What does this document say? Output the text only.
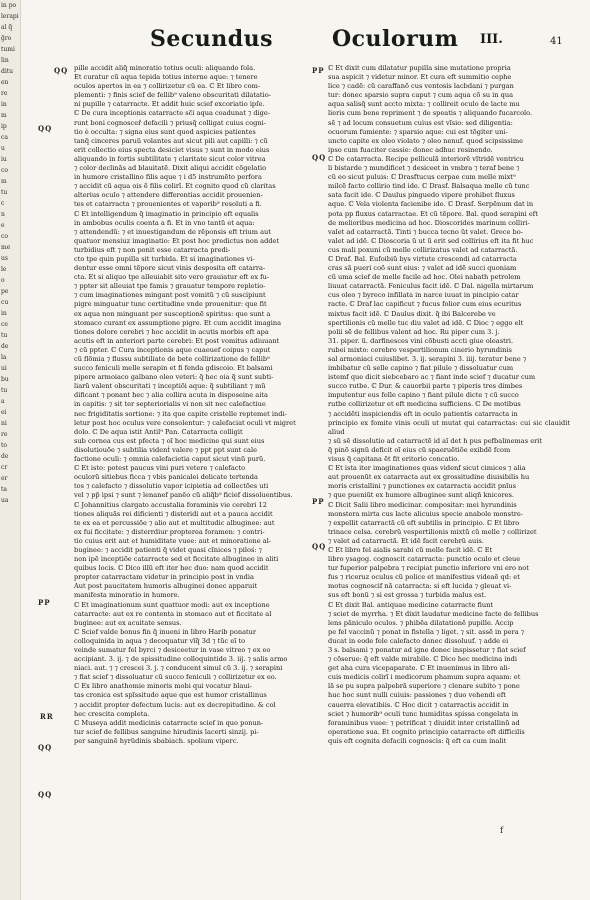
in po
lerapi
al q̃
g̃ro
tumi
lin
ditu
en
re
in
m
ip
ca
u
iu
co
m
tu
c
n
e
co
me
us
le
o
pe
cu
in
ce
tu
de
la
ui
bu
tu
a
ei
ni
re
to
de
cr
er
ta
ua
Secundus	Oculorum III.	41
QQ
QQ
PP
RR
QQ
QQ
PP
QQ
PP
QQ

pille accidit aliq̃ minoratio totius oculi: aliquando fola.

Et curatur cũ aqua tepida totius interne aque: ⁊ tenere

oculos apertos in ea ⁊ collirizetur cũ ea. ℂ Et libro com-

plementi: ⁊ finis scief de fellib⁹ valeno obscuritati dilatatio-

ni pupille ⁊ catarracte. Et addit huic scief excoriatio ipſe.

ℂ De cura inceptionis catarracte sc̃i aqua coadunat ⁊ dige-

runt boni cognosceř defacili ⁊ priusq̃ colligat cuius cogni-

tio è occulta: ⁊ signa eius sunt quod aspicies patientes

tanq̃ cinceres paruũ volantes aut sicut pili aut capilli: ⁊ cũ

erit collectio eius specta desiciet visus ⁊ sunt in modo eius

aliquando in fortis subtilitate ⁊ claritate sicut color vitrea

⁊ color declinãs ad blauitatẽ. Dixit aliqui accidit cõgelatio

in humore cristallino filis aque ⁊ i d5 instrumẽto perfora

⁊ accidit cũ aqua ois ẽ filis colirĩ. Et cognito quod cũ claritas

alterius oculo ⁊ attendere differentias accidit prouenien-

tes et catarracta ⁊ prouenientes et vaporib⁹ resoluti a fi.

ℂ Et intelligendum q̃ imaginatio in principio eft equalis

in ambobus oculis coenta a fi. Et in vno tantũ et aqua:

⁊ attendendũ: ⁊ et inuestigandum de rẽponsis eft trium aut

quatuor mensiuz imaginatio: Et post hoc predictus non addet

turbidius eft ⁊ non ponit esse catarracta predi-

cto tpe quin pupilla sit turbida. Et si imaginationes vi-

dentur esse omni tẽpore sicut vinis desposita eft catarra-

cta. Et si aliquo tpe alleuiabit sito vero grauiatur eft ex fu-

⁊ ppter sit alleuiat tpe famis ⁊ grauatur tempore repletio-

⁊ cum imaginationes mingant post vomitũ ⁊ cũ suscipiunt

pigre minguatur tunc certitudine vnde prouenitur: que fit

ex aqua non minguant per susceptionẽ spiritus: que sunt a

stomaco curant ex assumptione pigre. Et cum accidit imagina

tiones dolore cerebri ⁊ hoc accidit in acutis morbis eft apa

acutis eft in anteriori parte cerebri: Et post vomitus adiuuant

⁊ cũ ppter. ℂ Cura inceptionis aque cuaeuef coipus ⁊ caput

cũ flõmia ⁊ flussu subtiliate de bete collirizatione de fellib⁹

succo feniculi melle serapin et fi fenda gdiscoio. Et balsami

pipere armoiaco galbano oleo veteri: q̃ hec oia q̃ sunt subti-

liarũ valent obscuritati ⁊ inceptiõi aque: q̃ subtiliant ⁊ mũ

dificant ⁊ ponant hec ⁊ alia collira acuta in disposeine aita

in capitis: ⁊ sit ter septeriorialis vi non sit nec calefactiue

nec frigiditatis sortione: ⁊ ita que capite cristelle reptemet indi-

letur post hoc oculus vere consolentur: ⁊ calefaciat oculi vt migret

dolo. ℂ De aqua istit Antil⁹ Pan. Catarracta colligit

sub cornea cus est pfecta ⁊ oĩ hoc medicine qui sunt eius

disolutiouõe ⁊ subtilia videnṫ valere ⁊ ppt ppt sunt cale

factione oculi: ⁊ omnia calefacietia caput sicut vinũ purũ.

ℂ Et isto: potest paucus vini puri vetere ⁊ calefacto

oculorũ sitiebus ficca ⁊ vbis panicalei delicate tertenda

tos ⁊ calefacto ⁊ dissolutio vapor icipietia ad collectões uti

vel ⁊ pp̃ ipsi ⁊ sunt ⁊ lenanef panẽo cũ aliq̃b⁹ ficief dissoluentibus.

ℂ Johannitius clargato accustalia foraminis vie cerebri 12

tiones aliquãs rei dificienti ⁊ disteridi aut et a pauca accidit

te ex ea et percussiõe ⁊ alio aut et multitudic albuginee: aut

ex fui ficcitate: ⁊ disterrdiur propterea foramen: ⁊ contri-

tio cuius erit aut et humiditate vuee: aut et minoratione al-

buginee: ⁊ accidit patienti q̃ videt quasi cĩnices ⁊ piloś: ⁊

non ipẽ inceptiõe catarracte sed et ficcitate albuginee in aliti

quibus locis. ℂ Dico illũ eft iter hec duo: nam quod accidit

propter catarractam videtur in principio post in vndia

Aut post paucitatem humoris albuginei donec apparuit

manifesta minoratio in humore.

ℂ Et imaginationum sunt quattuor modi: aut ex inceptione

catarracte: aut ex re contenta in stomaco aut et ficcitate al

buginee: aut ex acuitate sensus.

ℂ Scief valde bonus fin q̃ inueni in libro Harib ponatur

colloquinida in aqua ⁊ decoquatur vĩq̃ 3d ⁊ tũc eĩ to

veinde sumatur fel byrci ⁊ desiceetur in vase vitreo ⁊ ex eo

accipiant. 3. ij. ⁊ de spissitudine colloquintide 3. iij. ⁊ salis armo

niaci. aut. ⁊ ⁊ crescei 3. j. ⁊ conducent simul cũ 3. ij. ⁊ serapini

⁊ fiat scief ⁊ dissoluatur cũ succo feniculi ⁊ collirizetur ex eo.

ℂ Ex libro anathomie minoris mobi qui vocatur blaui-

tas cronica est spĩssitudo aque que est humor cristallinus

⁊ accidit propter defectum lucis: aut ex decrepitudine. & col

hec crescita completa.

ℂ Museya addit medicinis catarracte scief in quo ponun-

tur scief de fellibus sanguine hirudinis lacerti sinzij. pi-

per sanguinẽ hyrũdinis sbabiach. spolium viperc.

ℂ Et dixit cum dilatatur pupilla sine mutatione propria

sua aspicit ⁊ videtur minor. Et cura eft summitio cephe

lice ⁊ cadẽ: cũ caraffanõ cus ventosis lacbdani ⁊ purgan

tur: donec sparsio supra caput ⁊ cum aqua cõ su in qua

aqua salisq̃ sunt accto mixta: ⁊ collireit oculo de lacte mu

lieris cum bene repriment ⁊ de speatis ⁊ aliquando fucarcolo.

sẽ ⁊ ad locum consuetum cuius est vĩsio: sed diligentia:

ocuorum fumiente: ⁊ sparsio aque: cui est tõgiter uni-

uncto capite ex oleo violato ⁊ oleo nenuf. quod scipsissime

ipso cum fuaciter cassie: donec adhuc resinendo.

ℂ De catarracta. Recipe pelliculã interiorẽ vĩtridẽ ventricu

li bistarde ⁊ mundificet ⁊ desiceet in vmbra ⁊ teraf bene ⁊

cũ eo sicut puluis: ℂ Drasftucus cerpae cum melle mixt⁹

milcẽ facto collirio tind ide. ℂ Drasf. Balsaqua melle cũ tunc

sata facit ide. ℂ Daulus pinguedo vipere prohibet fluxus

aque. ℂ Vela violenta facienibe ide. ℂ Drasf. Serpẽnum dat in

pota pp fluxus catarractae. Et cũ tẽpore. Bal. quod serapini eft

de melioribus medicina ad hoc. Dioscorides marinum colliri-

valet ad catarractã. Tinti ⁊ bucca tecno ũt valet. Grece bo-

valet ad idẽ. ℂ Dioscoria ũ ut ũ erit sed collirius eft ita fit huc

cus mali poxuni cũ melle collirizatus valet ad catarractã.

ℂ Draf. Bal. Eufoibiũ bys virtute crescendi ad catarracta

cras sã pueri coõ sunt eius: ⁊ valet ad idẽ succi quoniam

cũ uma scief de melle facile ad hoc. Olei nabath petrolem

liuuat catarractã. Feniculus facit idẽ. ℂ Dal. nigella mirtarum

cus oleo ⁊ byreco infillata in narce iuuat in pincipio catar

racte. ℂ Draf lac capificut ⁊ fucus folior cum eius ecuritus

mixtus facit idẽ. ℂ Daulus dixit. q̃ ibi Balcerebe ve

spertilionis cũ melle tuc diu valet ad idẽ. ℂ Dioc ⁊ eggo elt

polii sẽ de fellibus valent ad hoc. Ru piper cum 3. j.

31. piper. ũ. darfinesces vini cõbusti accti giue oleastri.

rubei mixto: cerebro vespertilionum cinerio hyrundinis

sal armoniaci cuiuslibet. 3. ij. serapini 3. iiij. teratur bene ⁊

imbibatur cũ selle capino ⁊ fiat pilule ⁊ dissoluatur cum

istemf que dicit siebcebaro ac ⁊ fiant inde scief ⁊ ducatur cum

succo rutbe. ℂ Dur. & cauorbii parte ⁊ piperis tres dimbes

imputentur eus felle capino ⁊ fiant pilule dicte ⁊ cũ succo

rutbe collirizetur et eft medicina sufficiens. ℂ De motibus

⁊ accidẽti inspiciendis eft in oculo patientis catarracta in

principio ex fomite vinis oculi ut mutat qui catarractas: cui sic clauidit aliud

⁊ sũ sẽ dissolutio ad catarractẽ id aĩ det h pus pefbalinemas erit

q̃ pinõ signũ deficit oĩ eius cũ spaeruẽtiõe exibdẽ fcom

visus q̃ capitana ẽt fit eritorio concatio.

ℂ Et ista iter imaginationes quas videnf sicut cimices ⁊ alia

aut prouenũt ex catarracta aut ex grossitudine diuisibilis hu

moris cristallini ⁊ punctiones ex catarracta accidit pnĩus

⁊ que pueniũt ex humore albuginee sunt aliqñ knicores.

ℂ Dicit Salii libro medicinar. compositar: mei hyrundinis

monstera mirta cus lacte alicuius specie anabole monstre-

⁊ expellit catarractã cũ eft subtilis in principio. ℂ Et libro

trinace celsa. cerebrũ vespertilionis mixtũ cũ melle ⁊ collirizet

⁊ valet ad catarractã. Et idẽ facit cerebrũ auis.

ℂ Et libro fel aialis sarabi cũ melle facit idẽ. ℂ Et

libro ysagog. cognoscit catarracta: punctio oculo et cleue

tur fuperior palpebra ⁊ recipiat punctio inferiore vni ero not

fus ⁊ riceruz oculus cũ police et manifestius videaẽ qd: et

motus cognoscif nã catarracta: si eft lucida ⁊ gleuat vi-

sus eft bonũ ⁊ si est grossa ⁊ turbida malus est.

ℂ Et dixit Bal. antiquae medicine catarracte fiunt

⁊ sciet de myrrha. ⁊ Et dixit laudatur medicine facte de fellibus

lens pãniculo oculos. ⁊ phibẽa dilatationẽ pupille. Accip

pe fel vaccinũ ⁊ ponat in fistella ⁊ liget. ⁊ sit. assẽ in pera ⁊

ducat in eode fele calefacto donec dissoluuf. ⁊ adde ei

3 s. balsami ⁊ ponatur ad igne donec inspissetur ⁊ fiat scief

⁊ cõserue: q̃ eft valde mirabile. ℂ Dico hec medicina indi

get aha cura vicepaparate. ℂ Et inuenimus in libro ali-

cuis medicis colirĩ i medicorum phamum supra aquam: et

lã se pu supra palpebrã superiore ⁊ clenare subito ⁊ pone

huc hoc sunt nulli cuiuis: passiones ⁊ duo vehendi eft

cauerra elevatibiis. ℂ Hoc dicit ⁊ catarractis accidit in

sciet ⁊ humorib⁹ oculi tunc humiditas spissa congelata in

foraminibus vuee: ⁊ petrificat ⁊ diuidit inter cristallinũ ad

operatione sua. Et cognito principio catarracte eft difficilis

quis eft cognita defacili cognoscis: q̃ eft ca cum inalit

f
